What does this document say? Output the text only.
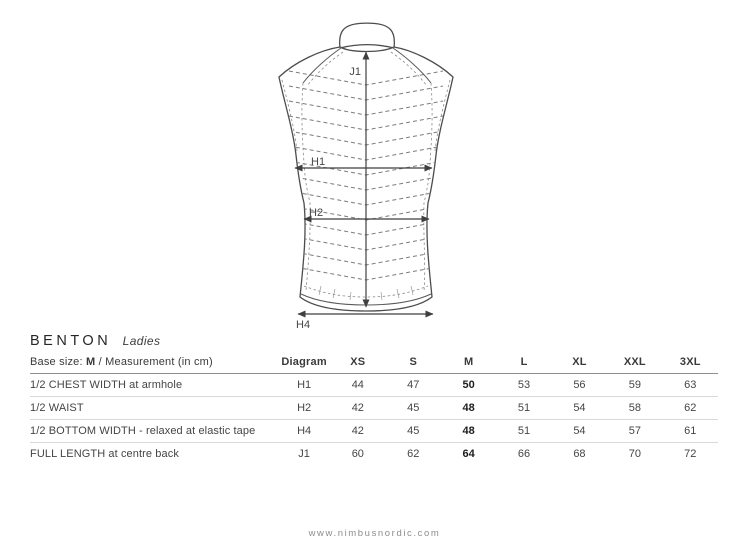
J1
H1
H2
H4
BENTON Ladies
Base size: M / Measurement (in cm)	Diagram	XS	S	M	L	XL	XXL	3XL
1/2 CHEST WIDTH at armhole	H1	44	47	50	53	56	59	63
1/2 WAIST	H2	42	45	48	51	54	58	62
1/2 BOTTOM WIDTH - relaxed at elastic tape	H4	42	45	48	51	54	57	61
FULL LENGTH at centre back	J1	60	62	64	66	68	70	72
www.nimbusnordic.com
